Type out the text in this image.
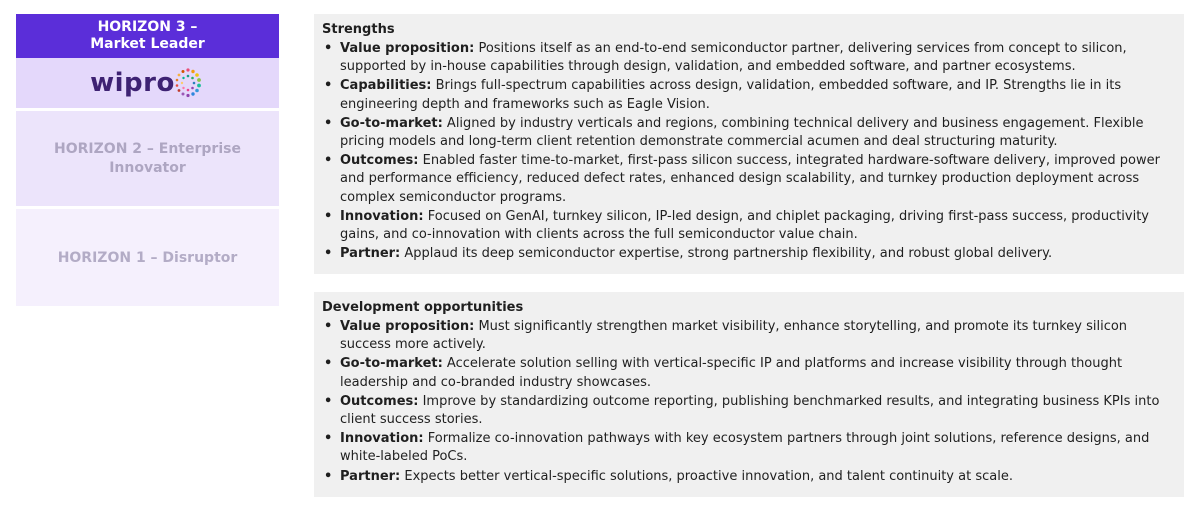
HORIZON 3 –
Market Leader
wipro
HORIZON 2 – Enterprise
Innovator
HORIZON 1 – Disruptor
Strengths
• Value proposition: Positions itself as an end-to-end semiconductor partner, delivering services from concept to silicon, supported by in-house capabilities through design, validation, and embedded software, and partner ecosystems.
• Capabilities: Brings full-spectrum capabilities across design, validation, embedded software, and IP. Strengths lie in its engineering depth and frameworks such as Eagle Vision.
• Go-to-market: Aligned by industry verticals and regions, combining technical delivery and business engagement. Flexible pricing models and long-term client retention demonstrate commercial acumen and deal structuring maturity.
• Outcomes: Enabled faster time-to-market, first-pass silicon success, integrated hardware-software delivery, improved power and performance efficiency, reduced defect rates, enhanced design scalability, and turnkey production deployment across complex semiconductor programs.
• Innovation: Focused on GenAI, turnkey silicon, IP-led design, and chiplet packaging, driving first-pass success, productivity gains, and co-innovation with clients across the full semiconductor value chain.
• Partner: Applaud its deep semiconductor expertise, strong partnership flexibility, and robust global delivery.
Development opportunities
• Value proposition: Must significantly strengthen market visibility, enhance storytelling, and promote its turnkey silicon success more actively.
• Go-to-market: Accelerate solution selling with vertical-specific IP and platforms and increase visibility through thought leadership and co-branded industry showcases.
• Outcomes: Improve by standardizing outcome reporting, publishing benchmarked results, and integrating business KPIs into client success stories.
• Innovation: Formalize co-innovation pathways with key ecosystem partners through joint solutions, reference designs, and white-labeled PoCs.
• Partner: Expects better vertical-specific solutions, proactive innovation, and talent continuity at scale.
